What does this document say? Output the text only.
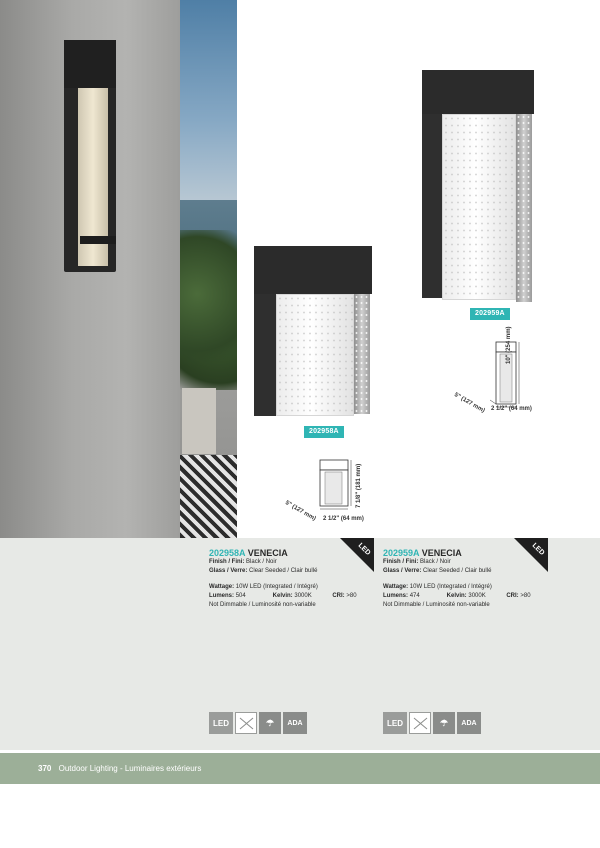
202959A
202958A
10" (254 mm)
5" (127 mm) 2 1/2" (64 mm)
7 1/8" (181 mm)
5" (127 mm) 2 1/2" (64 mm)
LED	LED
202958A VENECIA
Finish / Fini: Black / Noir
Glass / Verre: Clear Seeded / Clair bullé
Wattage: 10W LED (Integrated / Intégré)
Lumens: 504	Kelvin: 3000K	CRI: >80
Not Dimmable / Luminosité non-variable
202959A VENECIA
Finish / Fini: Black / Noir
Glass / Verre: Clear Seeded / Clair bullé
Wattage: 10W LED (Integrated / Intégré)
Lumens: 474	Kelvin: 3000K	CRI: >80
Not Dimmable / Luminosité non-variable
LED	☂	ADA	LED	☂	ADA
370 Outdoor Lighting - Luminaires extérieurs
